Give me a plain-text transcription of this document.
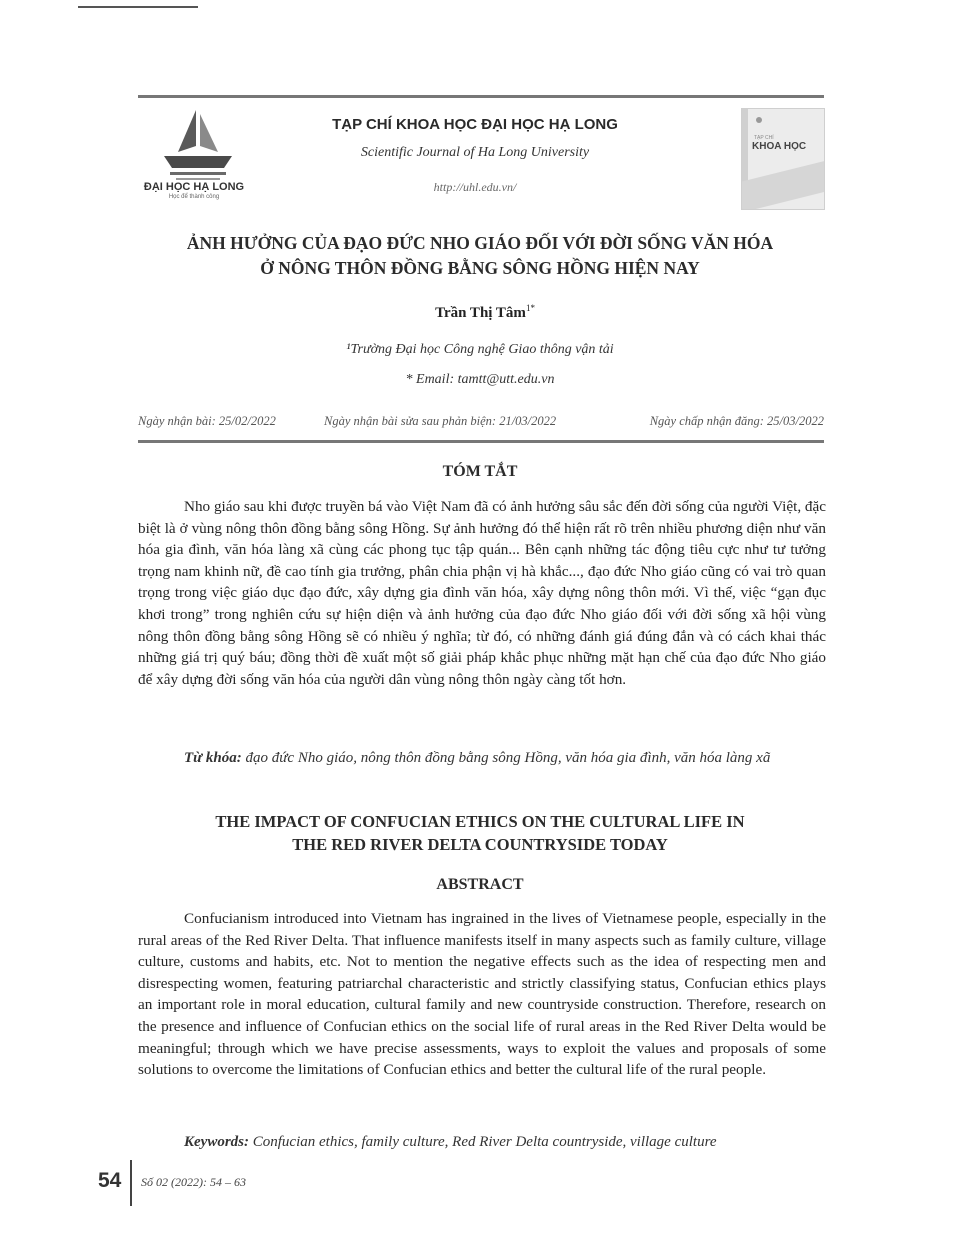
ĐẠI HỌC HẠ LONG
Học để thành công
TẠP CHÍ KHOA HỌC ĐẠI HỌC HẠ LONG
Scientific Journal of Ha Long University
http://uhl.edu.vn/
TẠP CHÍ
KHOA HỌC
ẢNH HƯỞNG CỦA ĐẠO ĐỨC NHO GIÁO ĐỐI VỚI ĐỜI SỐNG VĂN HÓA
Ở NÔNG THÔN ĐỒNG BẰNG SÔNG HỒNG HIỆN NAY
Trần Thị Tâm$^{1*}$
¹Trường Đại học Công nghệ Giao thông vận tải
* Email: tamtt@utt.edu.vn
Ngày nhận bài: 25/02/2022	Ngày nhận bài sửa sau phản biện: 21/03/2022	Ngày chấp nhận đăng: 25/03/2022
TÓM TẮT
Nho giáo sau khi được truyền bá vào Việt Nam đã có ảnh hưởng sâu sắc đến đời sống của người Việt, đặc biệt là ở vùng nông thôn đồng bằng sông Hồng. Sự ảnh hưởng đó thể hiện rất rõ trên nhiều phương diện như văn hóa gia đình, văn hóa làng xã cùng các phong tục tập quán... Bên cạnh những tác động tiêu cực như tư tưởng trọng nam khinh nữ, đề cao tính gia trưởng, phân chia phận vị hà khắc..., đạo đức Nho giáo cũng có vai trò quan trọng trong việc giáo dục đạo đức, xây dựng gia đình văn hóa, xây dựng nông thôn mới. Vì thế, việc “gạn đục khơi trong” trong nghiên cứu sự hiện diện và ảnh hưởng của đạo đức Nho giáo đối với đời sống xã hội vùng nông thôn đồng bằng sông Hồng sẽ có nhiều ý nghĩa; từ đó, có những đánh giá đúng đắn và có cách khai thác những giá trị quý báu; đồng thời đề xuất một số giải pháp khắc phục những mặt hạn chế của đạo đức Nho giáo để xây dựng đời sống văn hóa của người dân vùng nông thôn ngày càng tốt hơn.
Từ khóa: đạo đức Nho giáo, nông thôn đồng bằng sông Hồng, văn hóa gia đình, văn hóa làng xã
THE IMPACT OF CONFUCIAN ETHICS ON THE CULTURAL LIFE IN
THE RED RIVER DELTA COUNTRYSIDE TODAY
ABSTRACT
Confucianism introduced into Vietnam has ingrained in the lives of Vietnamese people, especially in the rural areas of the Red River Delta. That influence manifests itself in many aspects such as family culture, village culture, customs and habits, etc. Not to mention the negative effects such as the idea of respecting men and disrespecting women, featuring patriarchal characteristic and strictly classifying status, Confucian ethics plays an important role in moral education, cultural family and new countryside construction. Therefore, research on the presence and influence of Confucian ethics on the social life of rural areas in the Red River Delta would be meaningful; through which we have precise assessments, ways to exploit the values and proposals of some solutions to overcome the limitations of Confucian ethics and better the cultural life of the rural people.
Keywords: Confucian ethics, family culture, Red River Delta countryside, village culture
54 Số 02 (2022): 54 – 63
